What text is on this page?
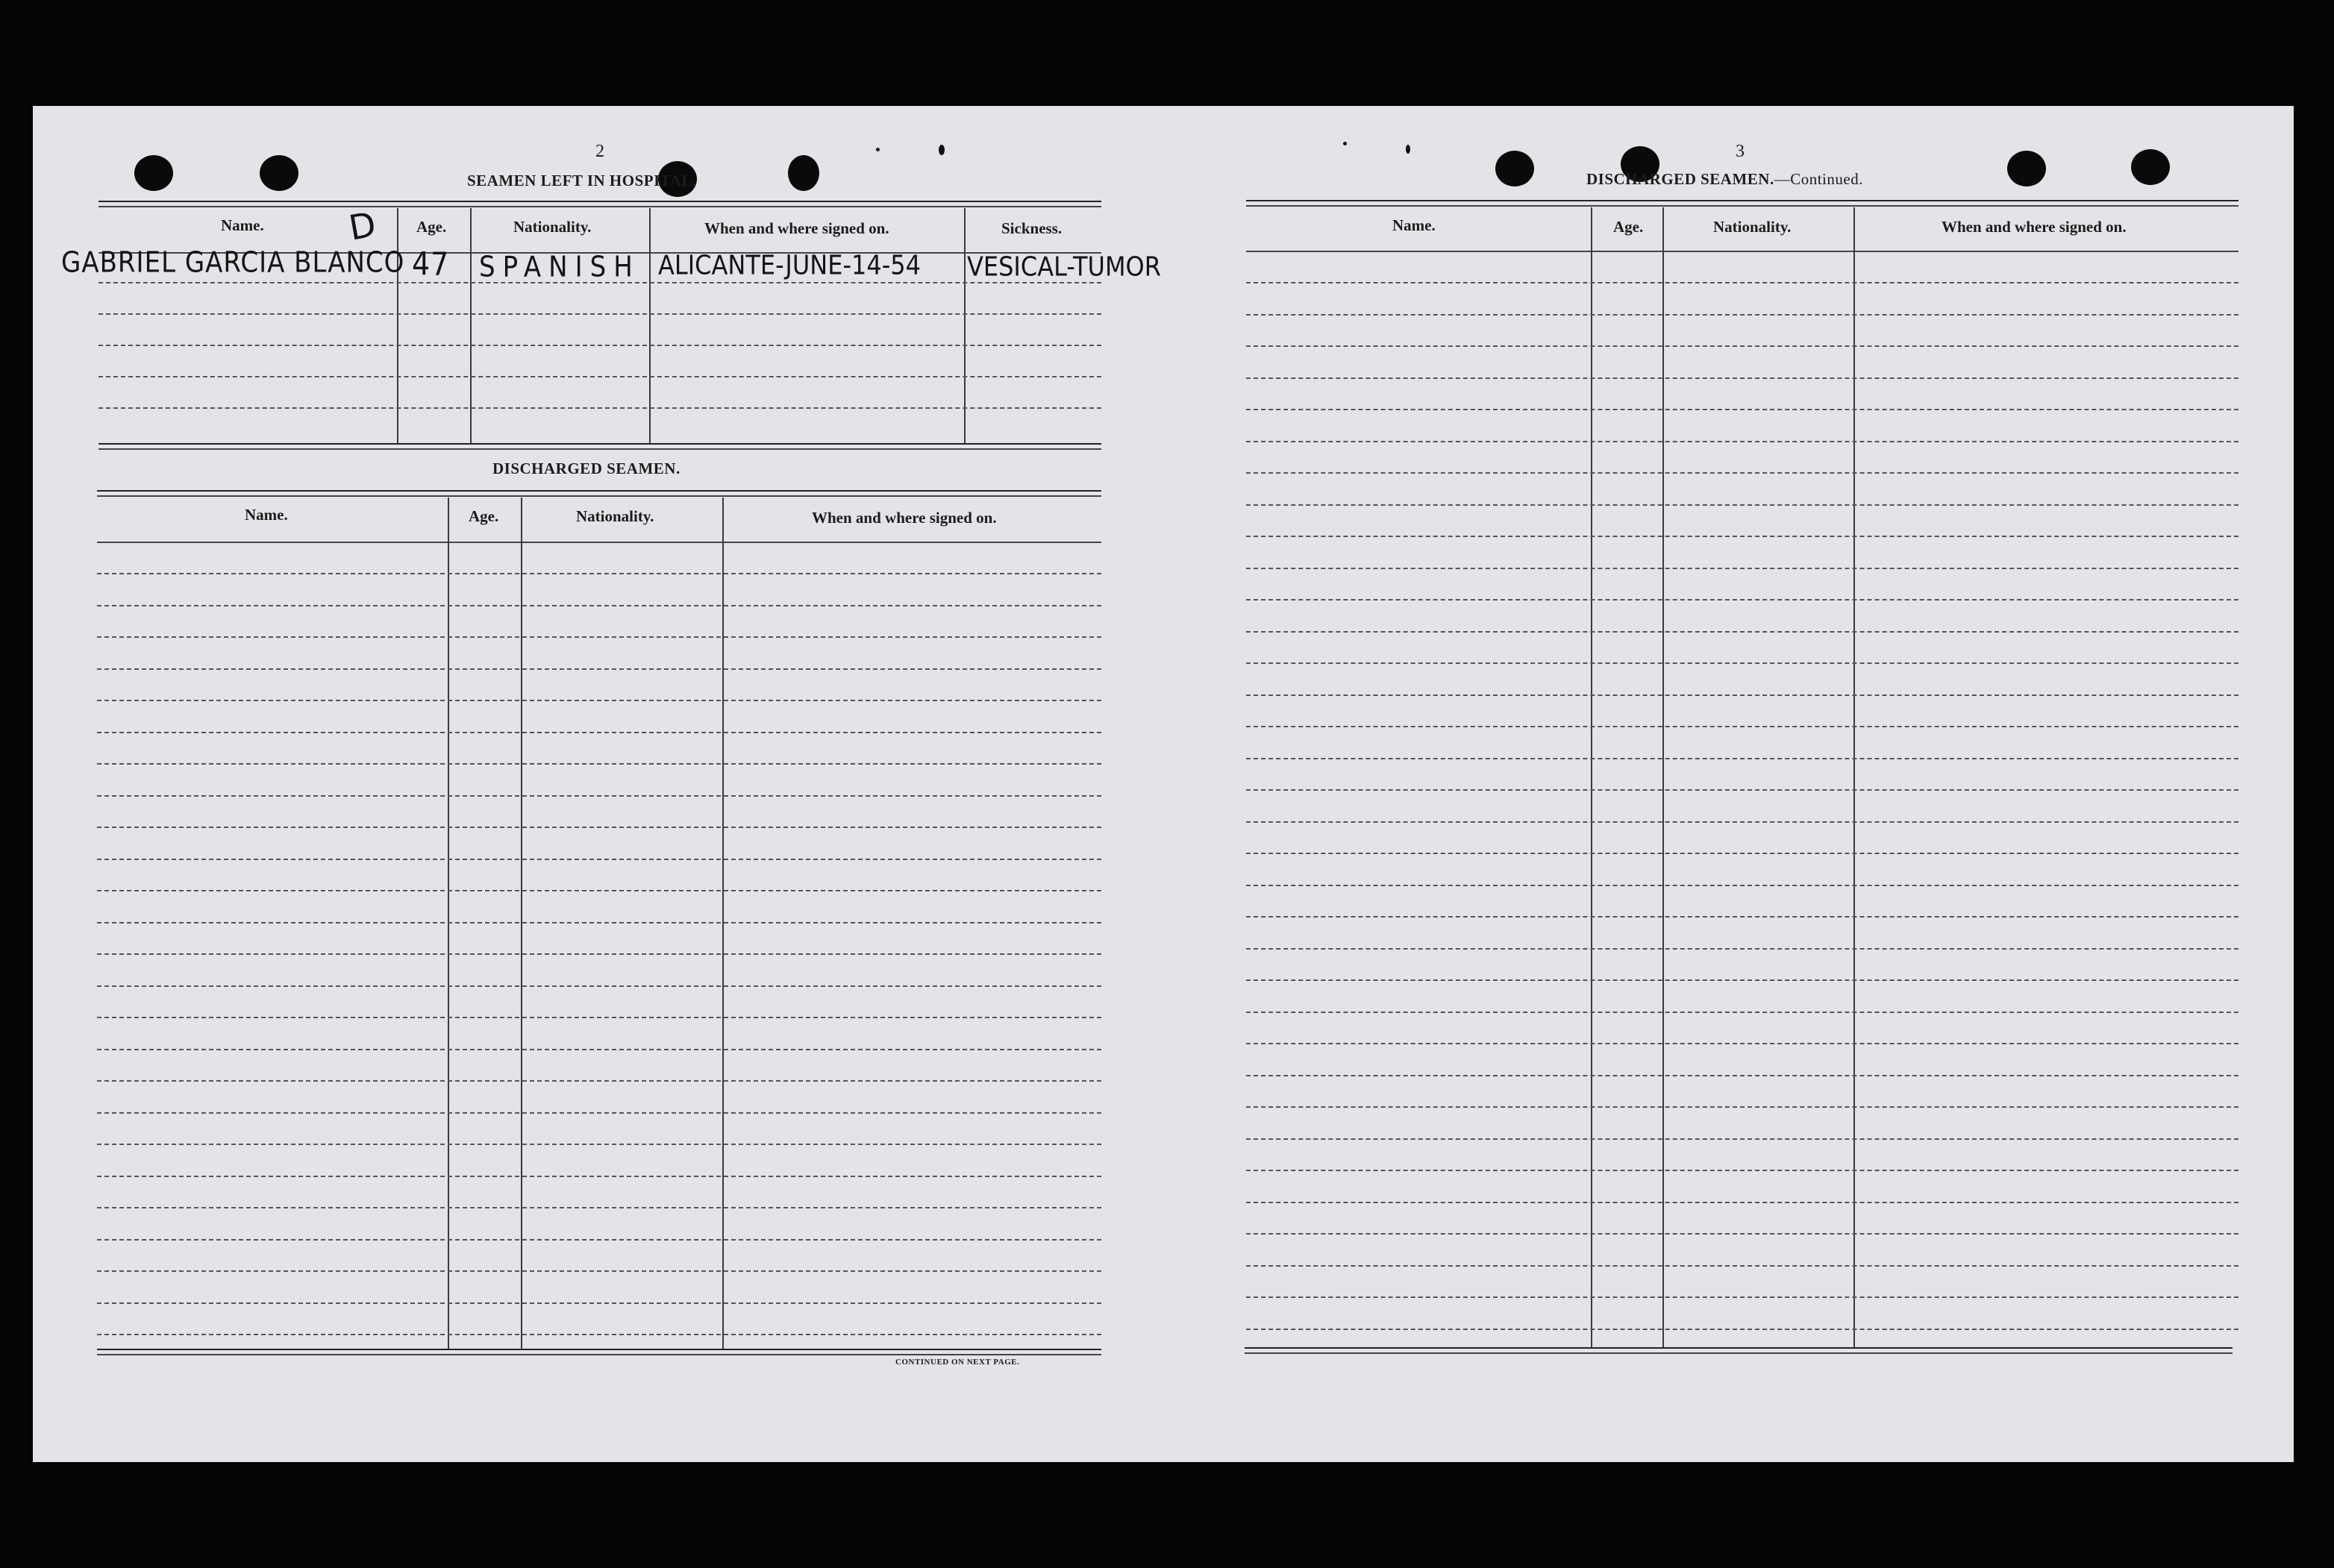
2
SEAMEN LEFT IN HOSPITAL.
Name.	Age.	Nationality.	When and where signed on.	Sickness.
D
GABRIEL GARCIA BLANCO 47 SPANISH ALICANTE-JUNE-14-54 VESICAL-TUMOR
DISCHARGED SEAMEN.
Name.	Age.	Nationality.	When and where signed on.
CONTINUED ON NEXT PAGE.
3
DISCHARGED SEAMEN.—Continued.
Name.	Age.	Nationality.	When and where signed on.
